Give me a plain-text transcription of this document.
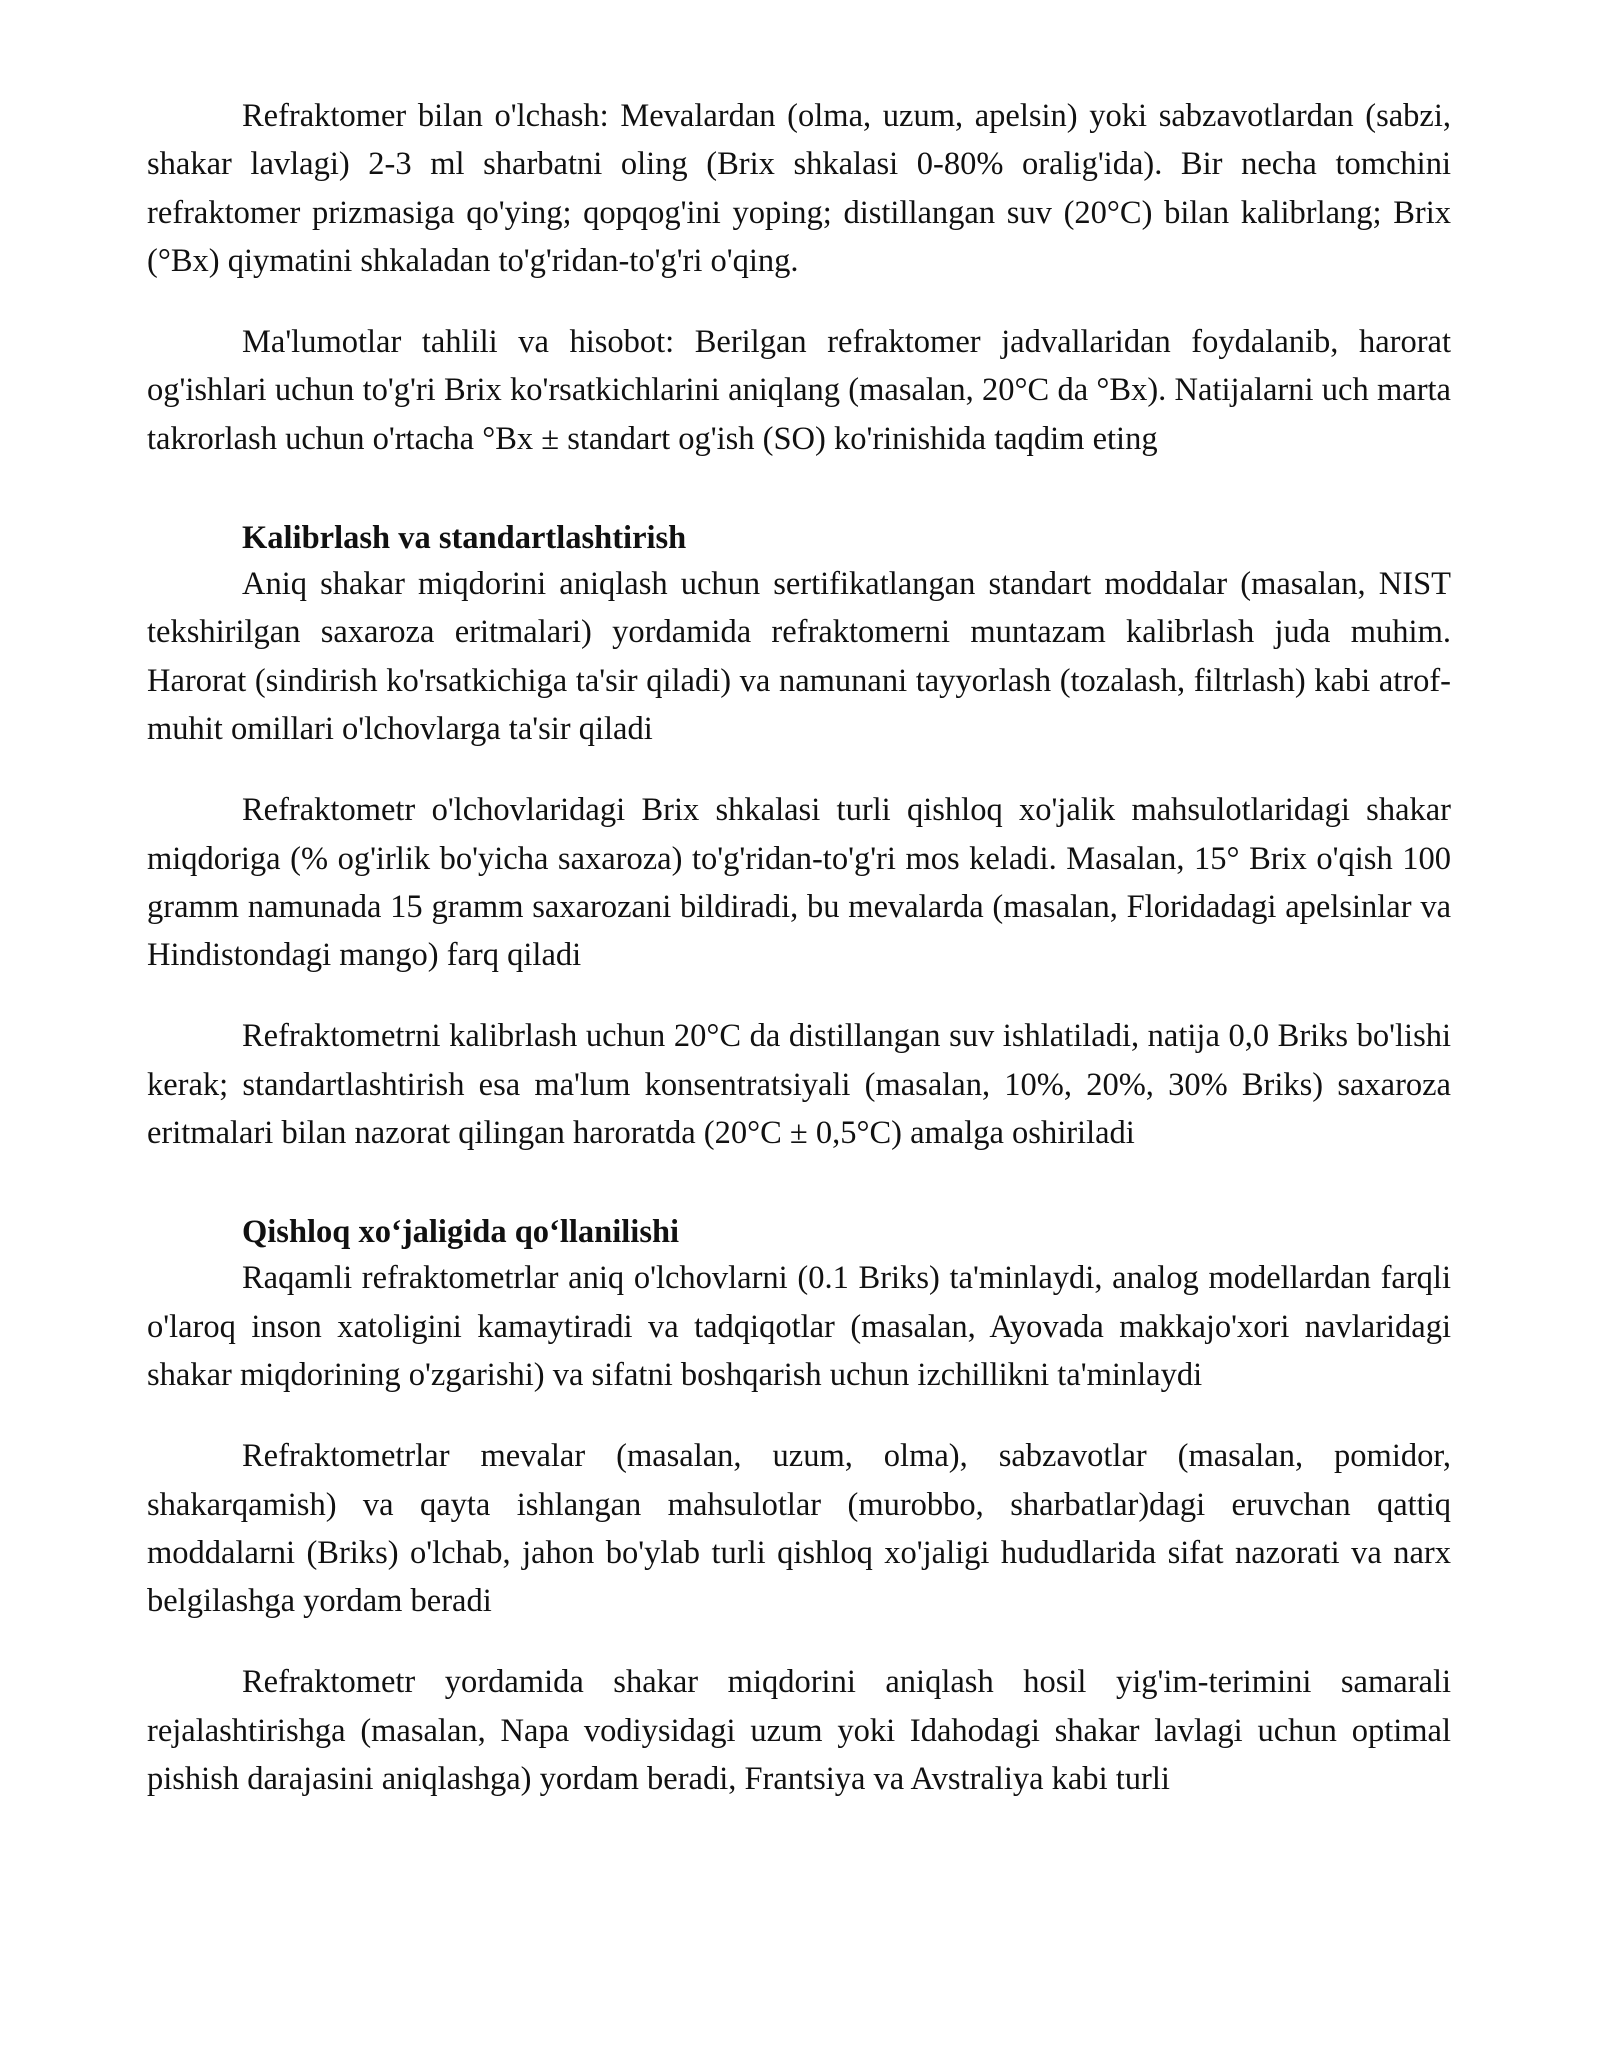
Refraktomer bilan o'lchash: Mevalardan (olma, uzum, apelsin) yoki sabzavotlardan (sabzi, shakar lavlagi) 2-3 ml sharbatni oling (Brix shkalasi 0-80% oralig'ida). Bir necha tomchini refraktomer prizmasiga qo'ying; qopqog'ini yoping; distillangan suv (20°C) bilan kalibrlang; Brix (°Bx) qiymatini shkaladan to'g'ridan-to'g'ri o'qing.

Ma'lumotlar tahlili va hisobot: Berilgan refraktomer jadvallaridan foydalanib, harorat og'ishlari uchun to'g'ri Brix ko'rsatkichlarini aniqlang (masalan, 20°C da °Bx). Natijalarni uch marta takrorlash uchun o'rtacha °Bx ± standart og'ish (SO) ko'rinishida taqdim eting

Kalibrlash va standartlashtirish

Aniq shakar miqdorini aniqlash uchun sertifikatlangan standart moddalar (masalan, NIST tekshirilgan saxaroza eritmalari) yordamida refraktomerni muntazam kalibrlash juda muhim. Harorat (sindirish ko'rsatkichiga ta'sir qiladi) va namunani tayyorlash (tozalash, filtrlash) kabi atrof-muhit omillari o'lchovlarga ta'sir qiladi

Refraktometr o'lchovlaridagi Brix shkalasi turli qishloq xo'jalik mahsulotlaridagi shakar miqdoriga (% og'irlik bo'yicha saxaroza) to'g'ridan-to'g'ri mos keladi. Masalan, 15° Brix o'qish 100 gramm namunada 15 gramm saxarozani bildiradi, bu mevalarda (masalan, Floridadagi apelsinlar va Hindistondagi mango) farq qiladi

Refraktometrni kalibrlash uchun 20°C da distillangan suv ishlatiladi, natija 0,0 Briks bo'lishi kerak; standartlashtirish esa ma'lum konsentratsiyali (masalan, 10%, 20%, 30% Briks) saxaroza eritmalari bilan nazorat qilingan haroratda (20°C ± 0,5°C) amalga oshiriladi

Qishloq xo‘jaligida qo‘llanilishi

Raqamli refraktometrlar aniq o'lchovlarni (0.1 Briks) ta'minlaydi, analog modellardan farqli o'laroq inson xatoligini kamaytiradi va tadqiqotlar (masalan, Ayovada makkajo'xori navlaridagi shakar miqdorining o'zgarishi) va sifatni boshqarish uchun izchillikni ta'minlaydi

Refraktometrlar mevalar (masalan, uzum, olma), sabzavotlar (masalan, pomidor, shakarqamish) va qayta ishlangan mahsulotlar (murobbo, sharbatlar)dagi eruvchan qattiq moddalarni (Briks) o'lchab, jahon bo'ylab turli qishloq xo'jaligi hududlarida sifat nazorati va narx belgilashga yordam beradi

Refraktometr yordamida shakar miqdorini aniqlash hosil yig'im-terimini samarali rejalashtirishga (masalan, Napa vodiysidagi uzum yoki Idahodagi shakar lavlagi uchun optimal pishish darajasini aniqlashga) yordam beradi, Frantsiya va Avstraliya kabi turli
